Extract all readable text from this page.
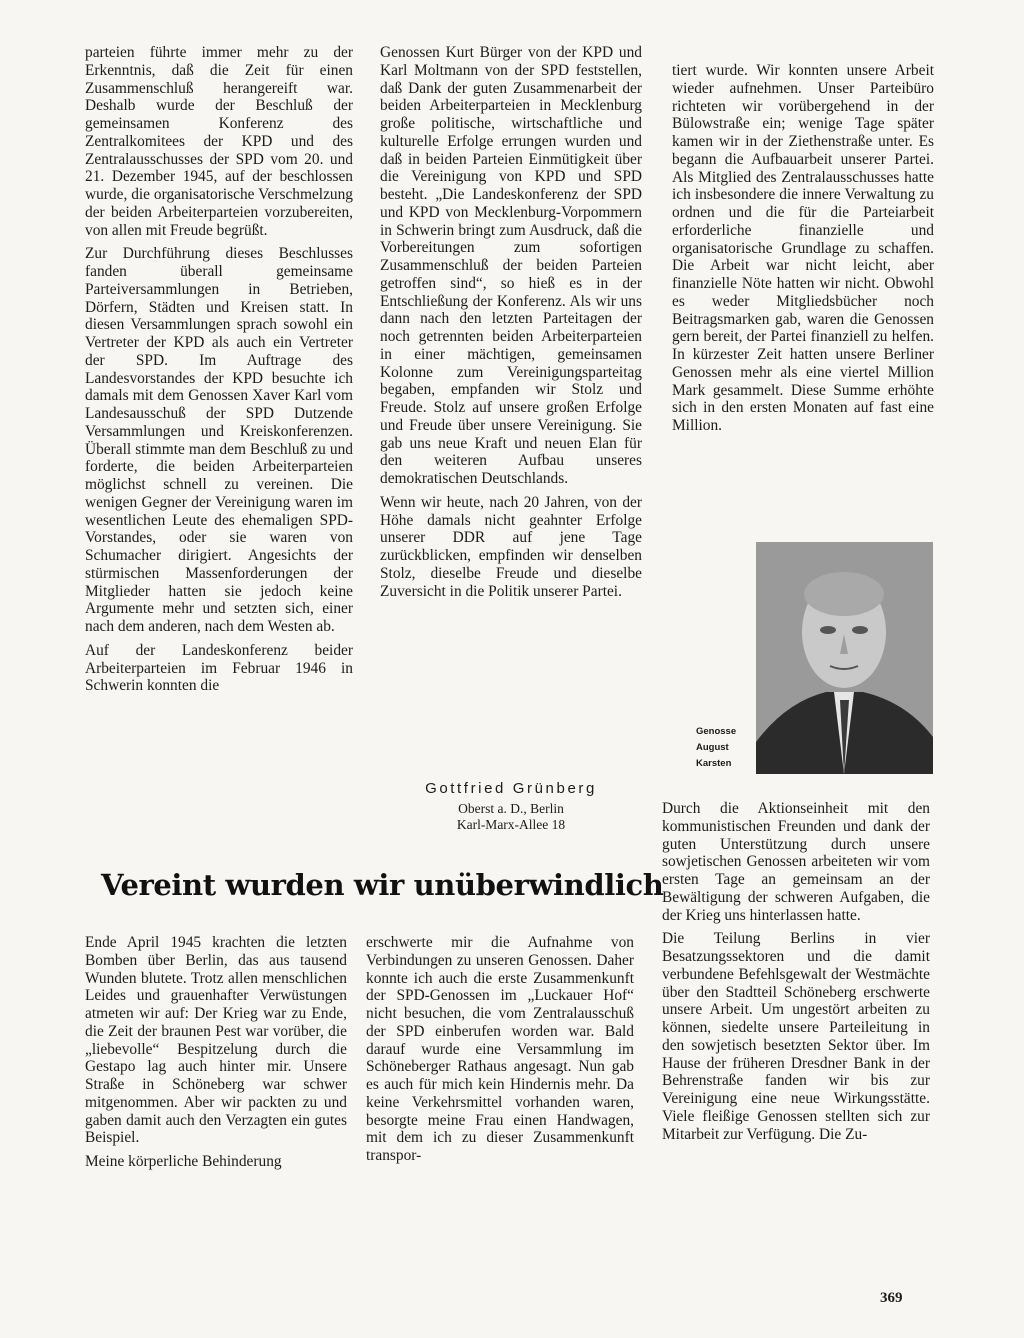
parteien führte immer mehr zu der Erkenntnis, daß die Zeit für einen Zusammenschluß herangereift war. Deshalb wurde der Beschluß der gemeinsamen Konferenz des Zentralkomitees der KPD und des Zentralausschusses der SPD vom 20. und 21. Dezember 1945, auf der beschlossen wurde, die organisatorische Verschmelzung der beiden Arbeiterparteien vorzubereiten, von allen mit Freude begrüßt.

Zur Durchführung dieses Beschlusses fanden überall gemeinsame Parteiversammlungen in Betrieben, Dörfern, Städten und Kreisen statt. In diesen Versammlungen sprach sowohl ein Vertreter der KPD als auch ein Vertreter der SPD. Im Auftrage des Landesvorstandes der KPD besuchte ich damals mit dem Genossen Xaver Karl vom Landesausschuß der SPD Dutzende Versammlungen und Kreiskonferenzen. Überall stimmte man dem Beschluß zu und forderte, die beiden Arbeiterparteien möglichst schnell zu vereinen. Die wenigen Gegner der Vereinigung waren im wesentlichen Leute des ehemaligen SPD-Vorstandes, oder sie waren von Schumacher dirigiert. Angesichts der stürmischen Massenforderungen der Mitglieder hatten sie jedoch keine Argumente mehr und setzten sich, einer nach dem anderen, nach dem Westen ab.

Auf der Landeskonferenz beider Arbeiterparteien im Februar 1946 in Schwerin konnten die

Genossen Kurt Bürger von der KPD und Karl Moltmann von der SPD feststellen, daß Dank der guten Zusammenarbeit der beiden Arbeiterparteien in Mecklenburg große politische, wirtschaftliche und kulturelle Erfolge errungen wurden und daß in beiden Parteien Einmütigkeit über die Vereinigung von KPD und SPD besteht. „Die Landeskonferenz der SPD und KPD von Mecklenburg-Vorpommern in Schwerin bringt zum Ausdruck, daß die Vorbereitungen zum sofortigen Zusammenschluß der beiden Parteien getroffen sind“, so hieß es in der Entschließung der Konferenz. Als wir uns dann nach den letzten Parteitagen der noch getrennten beiden Arbeiterparteien in einer mächtigen, gemeinsamen Kolonne zum Vereinigungsparteitag begaben, empfanden wir Stolz und Freude. Stolz auf unsere großen Erfolge und Freude über unsere Vereinigung. Sie gab uns neue Kraft und neuen Elan für den weiteren Aufbau unseres demokratischen Deutschlands.

Wenn wir heute, nach 20 Jahren, von der Höhe damals nicht geahnter Erfolge unserer DDR auf jene Tage zurückblicken, empfinden wir denselben Stolz, dieselbe Freude und dieselbe Zuversicht in die Politik unserer Partei.

Gottfried Grünberg
Oberst a. D., Berlin
Karl-Marx-Allee 18

tiert wurde. Wir konnten unsere Arbeit wieder aufnehmen. Unser Parteibüro richteten wir vorübergehend in der Bülowstraße ein; wenige Tage später kamen wir in der Ziethenstraße unter. Es begann die Aufbauarbeit unserer Partei. Als Mitglied des Zentralausschusses hatte ich insbesondere die innere Verwaltung zu ordnen und die für die Parteiarbeit erforderliche finanzielle und organisatorische Grundlage zu schaffen. Die Arbeit war nicht leicht, aber finanzielle Nöte hatten wir nicht. Obwohl es weder Mitgliedsbücher noch Beitragsmarken gab, waren die Genossen gern bereit, der Partei finanziell zu helfen. In kürzester Zeit hatten unsere Berliner Genossen mehr als eine viertel Million Mark gesammelt. Diese Summe erhöhte sich in den ersten Monaten auf fast eine Million.

Genosse
August
Karsten

Durch die Aktionseinheit mit den kommunistischen Freunden und dank der guten Unterstützung durch unsere sowjetischen Genossen arbeiteten wir vom ersten Tage an gemeinsam an der Bewältigung der schweren Aufgaben, die der Krieg uns hinterlassen hatte.

Die Teilung Berlins in vier Besatzungssektoren und die damit verbundene Befehlsgewalt der Westmächte über den Stadtteil Schöneberg erschwerte unsere Arbeit. Um ungestört arbeiten zu können, siedelte unsere Parteileitung in den sowjetisch besetzten Sektor über. Im Hause der früheren Dresdner Bank in der Behrenstraße fanden wir bis zur Vereinigung eine neue Wirkungsstätte. Viele fleißige Genossen stellten sich zur Mitarbeit zur Verfügung. Die Zu-

Vereint wurden wir unüberwindlich

Ende April 1945 krachten die letzten Bomben über Berlin, das aus tausend Wunden blutete. Trotz allen menschlichen Leides und grauenhafter Verwüstungen atmeten wir auf: Der Krieg war zu Ende, die Zeit der braunen Pest war vorüber, die „liebevolle“ Bespitzelung durch die Gestapo lag auch hinter mir. Unsere Straße in Schöneberg war schwer mitgenommen. Aber wir packten zu und gaben damit auch den Verzagten ein gutes Beispiel.

Meine körperliche Behinderung

erschwerte mir die Aufnahme von Verbindungen zu unseren Genossen. Daher konnte ich auch die erste Zusammenkunft der SPD-Genossen im „Luckauer Hof“ nicht besuchen, die vom Zentralausschuß der SPD einberufen worden war. Bald darauf wurde eine Versammlung im Schöneberger Rathaus angesagt. Nun gab es auch für mich kein Hindernis mehr. Da keine Verkehrsmittel vorhanden waren, besorgte meine Frau einen Handwagen, mit dem ich zu dieser Zusammenkunft transpor-

369
